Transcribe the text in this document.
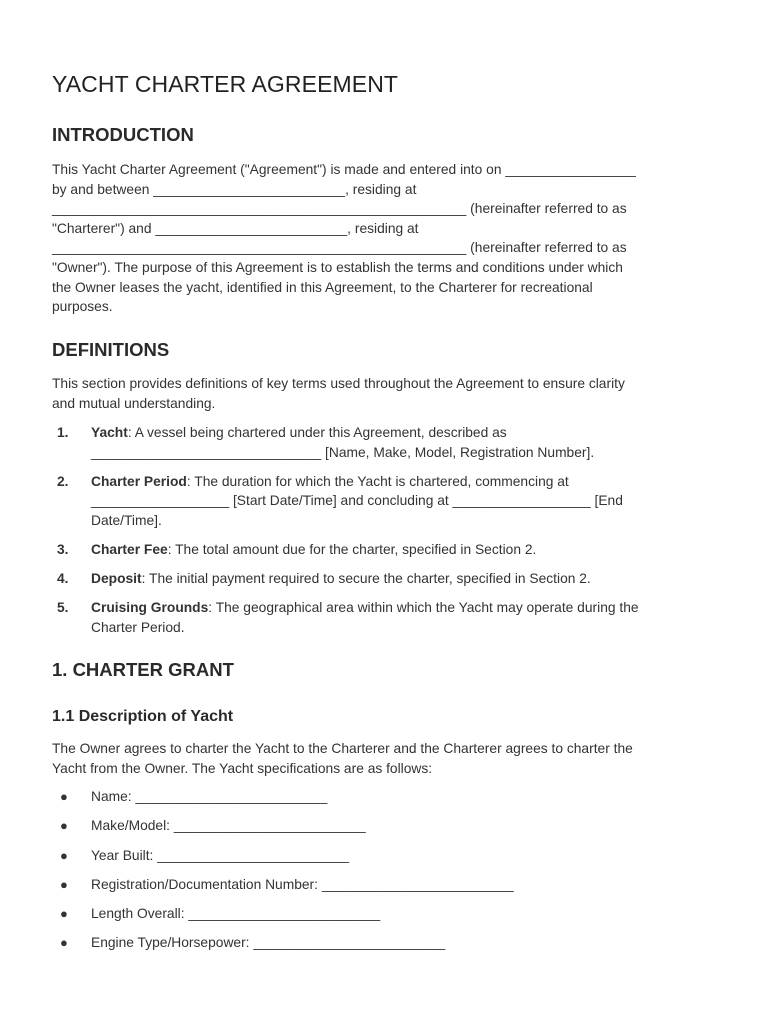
YACHT CHARTER AGREEMENT
INTRODUCTION
This Yacht Charter Agreement ("Agreement") is made and entered into on _________________
by and between _________________________, residing at
______________________________________________________ (hereinafter referred to as
"Charterer") and _________________________, residing at
______________________________________________________ (hereinafter referred to as
"Owner"). The purpose of this Agreement is to establish the terms and conditions under which
the Owner leases the yacht, identified in this Agreement, to the Charterer for recreational
purposes.
DEFINITIONS
This section provides definitions of key terms used throughout the Agreement to ensure clarity
and mutual understanding.
1. Yacht: A vessel being chartered under this Agreement, described as
______________________________ [Name, Make, Model, Registration Number].
2. Charter Period: The duration for which the Yacht is chartered, commencing at
__________________ [Start Date/Time] and concluding at __________________ [End
Date/Time].
3. Charter Fee: The total amount due for the charter, specified in Section 2.
4. Deposit: The initial payment required to secure the charter, specified in Section 2.
5. Cruising Grounds: The geographical area within which the Yacht may operate during the
Charter Period.
1. CHARTER GRANT
1.1 Description of Yacht
The Owner agrees to charter the Yacht to the Charterer and the Charterer agrees to charter the
Yacht from the Owner. The Yacht specifications are as follows:
● Name: _________________________
● Make/Model: _________________________
● Year Built: _________________________
● Registration/Documentation Number: _________________________
● Length Overall: _________________________
● Engine Type/Horsepower: _________________________
